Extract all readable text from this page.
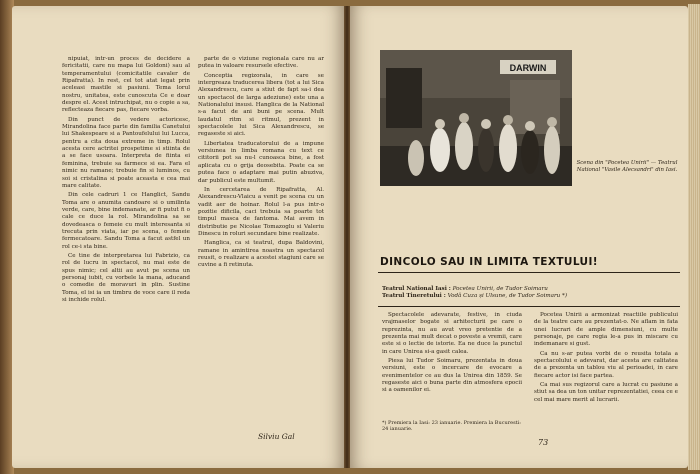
nipuiat, intr-un proces de decidere a fericitatii, care nu mapa lui Goldoni) sau al temperamentului (comicitatile cavaler de Ripafratta). In rest, cel tot atat legat prin aceleasi mastile si pasiuni. Tema lorul nostru, unitatea, este cunoscuta Ce e doar despre el. Acest intruchipat, nu o copie a sa, reflecteaza fiecare pas, fiecare vorba.

Din punct de vedere actoricesc, Mirandolina face parte din familia Canetului lui Shakespeare si a Pantoufelului lui Lucca, pentru a cita doua extreme in timp. Rolul acesta cere actritei prospetime si stiinta de a se face usoara. Interpreta de fiinta ei feminina, trebuie sa farmece si ea. Fara el nimic nu ramane; trebuie fin si luminos, cu soi si cristalina si poate aceasta e cea mai mare calitate.

Din cele cadruri 1 ce Hanglict, Sandu Toma are o anumita candoare si o umilinta verde, care, bine indemanate, ar fi putut fi o cale ce duce la rol. Mirandolina sa se dovedeasca o femeie cu mult interesanta si trecuta prin viata, iar pe scena, o femeie fermecatoare. Sandu Toma a facut astfel un rol ce-i sta bine.

Ce tine de interpretarea lui Fabrizio, ca rol de lucru in spectacol, nu mai este de spus nimic; cel altii au avut pe scena un personaj iubit, cu vorbele la mana, aducand o comedie de moravuri in plin. Sustine Toma, el isi ia un timbru de voce care il reda si inchide rolul.

parte de o viziune regionala care nu ar putea in valoare resursele efective.

Conceptia regizorala, in care se intergreaza traducerea libera (tot a lui Sica Alexandrescu, care a stiut de fapt sa-i dea un spectacol de larga adeziune) este una a Nationalului insusi. Hanglica de la National s-a facut de ani buni pe scena. Mult laudatul ritm si ritmul, prezent in spectacolele lui Sica Alexandrescu, se regaseste si aici.

Libertatea traducatorului de a impune versiunea in limba romana cu text ce cititorii pot sa nu-l cunoasca bine, a fost aplicata cu o grija deosebita. Poate ca se putea face o adaptare mai putin abuziva, dar publicul este multumit.

In cercetarea de Ripafratta, Al. Alexandrescu-Vlaicu a venit pe scena cu un vadit aer de hoinar. Rolul l-a pus intr-o pozitie dificila, caci trebuia sa poarte tot timpul masca de fantoma. Mai avem in distributie pe Nicolae Tomazoglu si Valeriu Dinescu in roluri secundare bine realizate.

Hanglica, ca si teatrul, dupa Baldovini, ramane in amintirea noastra un spectacol reusit, o realizare a acestei stagiuni care se cuvine a fi retinuta.

Silviu Gal
DARWIN
Scena din "Pocetea Unirii" — Teatrul National "Vasile Alecsandri" din Iasi.
DINCOLO SAU IN LIMITA TEXTULUI!
Teatrul National Iasi : Pocetea Unirii, de Tudor Soimaru
Teatrul Tineretului : Vodă Cuza și Ulsune, de Tudor Soimaru *)

Spectacolele adevarate, festive, in ciuda vrajmaselor bogate si arhitecturii pe care o reprezinta, nu au avut vreo pretentie de a prezenta mai mult decat o poveste a vremii, care este si o lectie de istorie. Ea ne duce la punctul in care Unirea si-a gasit calea.

Piesa lui Tudor Soimaru, prezentata in doua versiuni, este o incercare de evocare a evenimentelor ce au dus la Unirea din 1859. Se regaseste aici o buna parte din atmosfera epocii si a oamenilor ei.

Pocetea Unirii a armonizat reactiile publicului de la teatre care au prezentat-o. Ne aflam in fata unei lucrari de ample dimensiuni, cu multe personaje, pe care regia le-a pus in miscare cu indemanare si gust.

Ca nu s-ar putea vorbi de o reusita totala a spectacolului e adevarat, dar acesta are calitatea de a prezenta un tablou viu al perioadei, in care fiecare actor isi face partea.

Ca mai sus regizorul care a lucrat cu pasiune a stiut sa dea un ton unitar reprezentatiei, ceea ce e cel mai mare merit al lucrarii.

*) Premiera la Iasi: 23 ianuarie. Premiera la Bucuresti: 24 ianuarie.
73
